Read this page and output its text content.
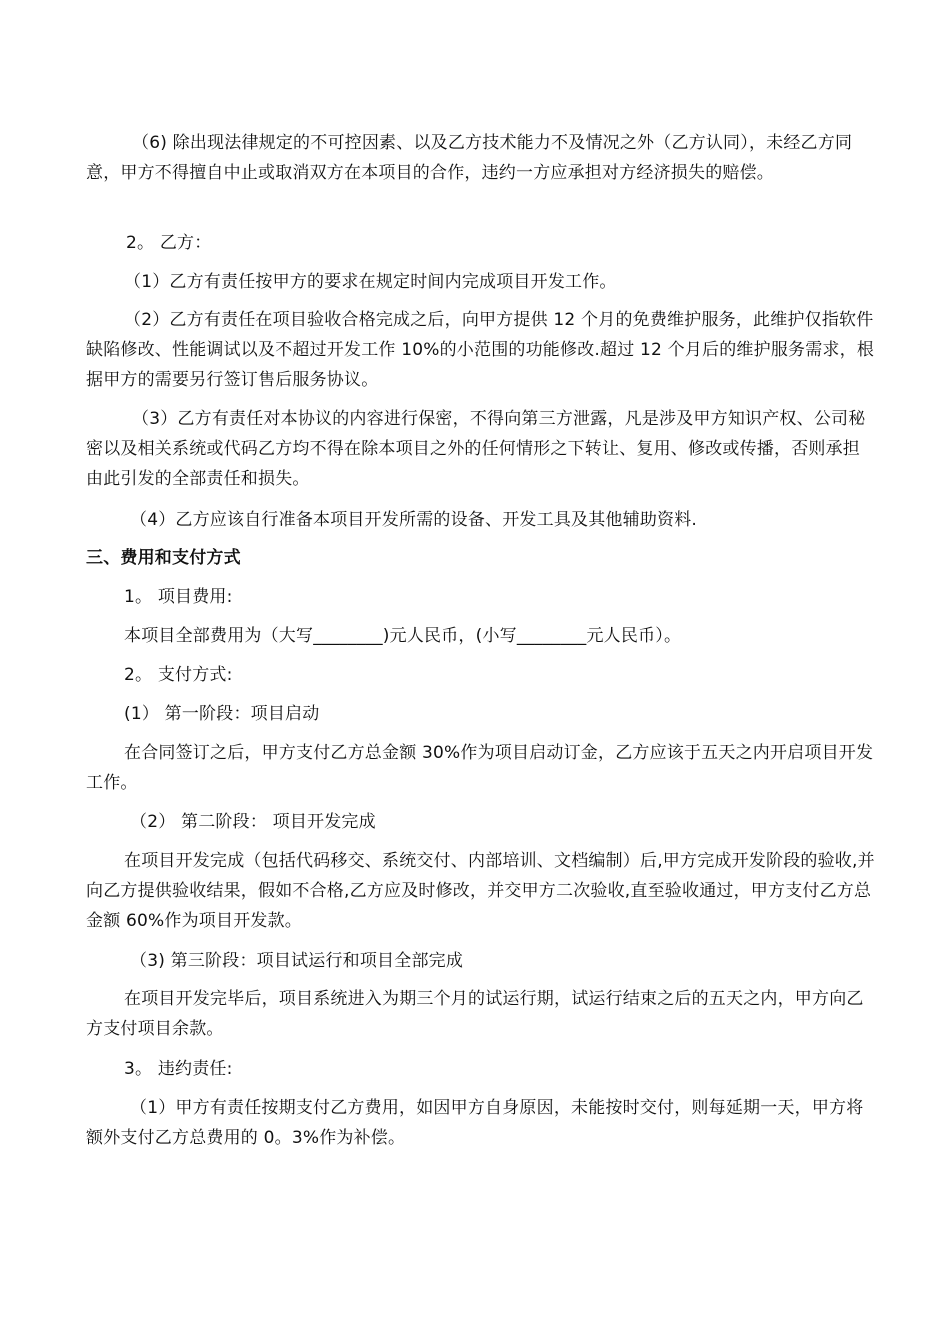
（6) 除出现法律规定的不可控因素、以及乙方技术能力不及情况之外（乙方认同），未经乙方同意，甲方不得擅自中止或取消双方在本项目的合作，违约一方应承担对方经济损失的赔偿。

2。 乙方：

（1）乙方有责任按甲方的要求在规定时间内完成项目开发工作。

（2）乙方有责任在项目验收合格完成之后，向甲方提供 12 个月的免费维护服务，此维护仅指软件缺陷修改、性能调试以及不超过开发工作 10%的小范围的功能修改.超过 12 个月后的维护服务需求，根据甲方的需要另行签订售后服务协议。

（3）乙方有责任对本协议的内容进行保密，不得向第三方泄露，凡是涉及甲方知识产权、公司秘密以及相关系统或代码乙方均不得在除本项目之外的任何情形之下转让、复用、修改或传播，否则承担由此引发的全部责任和损失。

（4）乙方应该自行准备本项目开发所需的设备、开发工具及其他辅助资料.

三、费用和支付方式

1。 项目费用:

本项目全部费用为（大写________)元人民币，(小写________元人民币）。

2。 支付方式:

(1） 第一阶段：项目启动

在合同签订之后，甲方支付乙方总金额 30%作为项目启动订金，乙方应该于五天之内开启项目开发工作。

（2） 第二阶段： 项目开发完成

在项目开发完成（包括代码移交、系统交付、内部培训、文档编制）后,甲方完成开发阶段的验收,并向乙方提供验收结果，假如不合格,乙方应及时修改，并交甲方二次验收,直至验收通过，甲方支付乙方总金额 60%作为项目开发款。

（3) 第三阶段：项目试运行和项目全部完成

在项目开发完毕后，项目系统进入为期三个月的试运行期，试运行结束之后的五天之内，甲方向乙方支付项目余款。

3。 违约责任:

（1）甲方有责任按期支付乙方费用，如因甲方自身原因，未能按时交付，则每延期一天，甲方将额外支付乙方总费用的 0。3%作为补偿。
